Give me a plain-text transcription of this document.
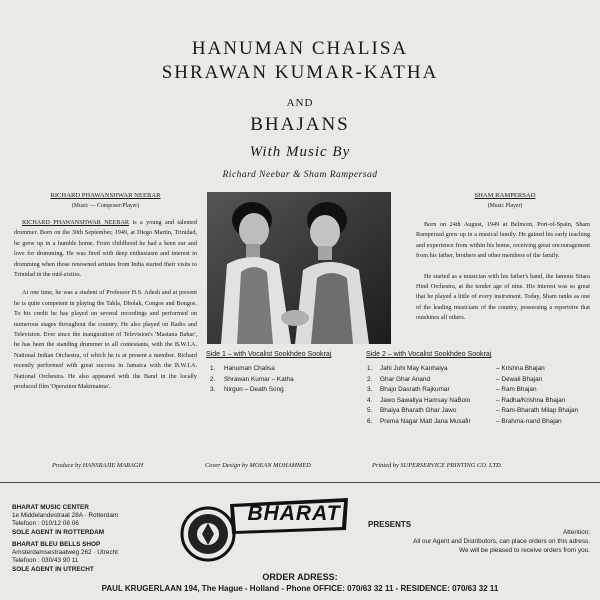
HANUMAN CHALISA
SHRAWAN KUMAR-KATHA
AND
BHAJANS
With Music By
Richard Neebar & Sham Rampersad
RICHARD PHAWANSHWAR NEEBAR
(Music — Composer/Player)

RICHARD PHAWANSHWAR NEEBAR is a young and talented drummer. Born on the 30th September, 1949, at Diego Martin, Trinidad, he grew up in a humble home. From childhood he had a keen ear and love for drumming. He was fired with deep enthusiasm and interest in drumming when those renowned artistes from India started their visits to Trinidad in the mid-sixties.

At one time, he was a student of Professor H.S. Adesh and at present he is quite competent in playing the Tabla, Dholak, Congos and Bongos. To his credit he has played on several recordings and performed on numerous stages throughout the country. He also played on Radio and Television. Ever since the inauguration of Television's 'Mastana Bahar', he has been the standing drummer to all contestants, with the B.W.I.A. National Indian Orchestra, of which he is at present a member. Richard recently performed with great success in Jamaica with the B.W.I.A. National Orchestra. He also appeared with the Band in the locally produced film 'Operation Makimaima'.

SHAM RAMPERSAD
(Music Player)

Born on 24th August, 1949 at Belmont, Port-of-Spain, Sham Rampersad grew up in a musical family. He gained his early teaching and experience from within his home, receiving great encouragement from his father, brothers and other members of the family.

He started as a musician with his father's band, the famous Sitara Hind Orchestra, at the tender age of nine. His interest was so great that he played a little of every instrument. Today, Sham ranks as one of the leading musicians of the country, possessing a repertoire that outshines all others.

Side 1 – with Vocalist Sookhdeo Sookraj
1. Hanuman Chalisa
2. Shrawan Kumar – Katha
3. Nirgun – Death Song
Side 2 – with Vocalist Sookhdeo Sookraj
1. Jahi Juhi May Kanhaiya	– Krishna Bhajan
2. Ghar Ghar Anand	– Dewali Bhajan
3. Bhajo Dasrath Rajkumar	– Ram Bhajan
4. Jawo Sawaliya Hamsay NaBolo	– Radha/Krishna Bhajan
5. Bhaiya Bharath Ghar Jawo	– Ram-Bharath Milap Bhajan
6. Prema Nagar Matt Jana Musafir	– Brahma-nand Bhajan
Produce by HANSRAJIE MARAGH	Cover Design by MOEAN MOHAMMED	Printed by SUPERSERVICE PRINTING CO. LTD.
BHARAT MUSIC CENTER
1e Middelandestraat 28A · Rotterdam
Telefoon : 010/12 08 06
SOLE AGENT IN ROTTERDAM
BHARAT BLEU BELLS SHOP
Amsterdamsestraatweg 262 · Utrecht
Telefoon : 030/43 90 11
SOLE AGENT IN UTRECHT
BHARAT	PRESENTS
Attention:
All our Agent and Distributors, can place orders on this adress. We will be pleased to receive orders from you.
ORDER ADRESS:
PAUL KRUGERLAAN 194, The Hague - Holland - Phone OFFICE: 070/63 32 11 - RESIDENCE: 070/63 32 11
